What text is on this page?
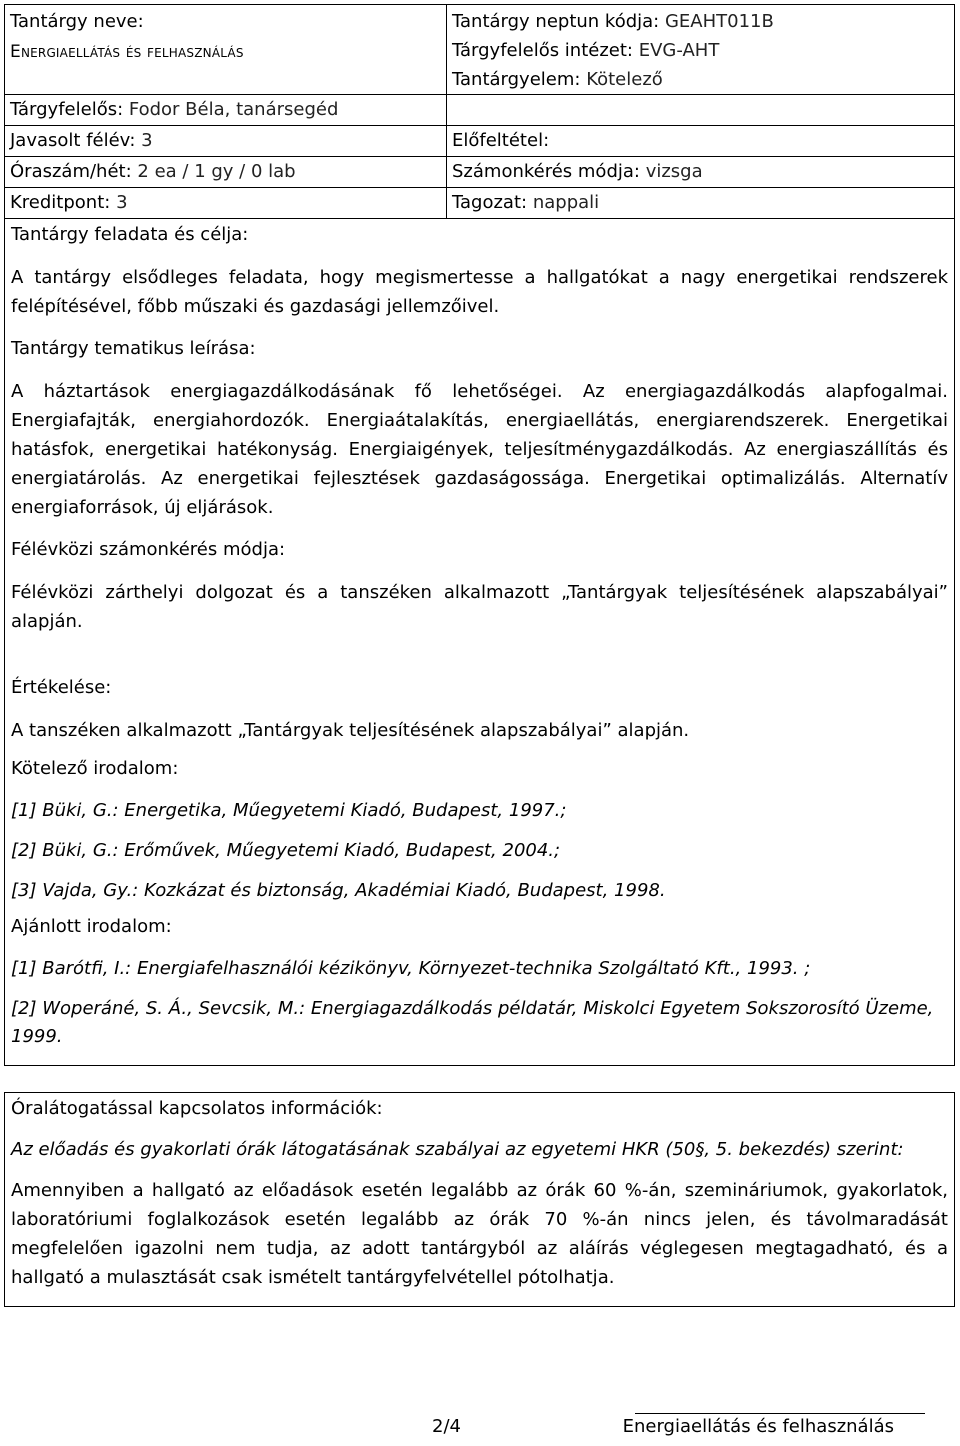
Tantárgy neve:
Energiaellátás és felhasználás
Tantárgy neptun kódja: GEAHT011B
Tárgyfelelős intézet: EVG-AHT
Tantárgyelem: Kötelező
Tárgyfelelős: Fodor Béla, tanársegéd
Javasolt félév: 3	Előfeltétel:
Óraszám/hét: 2 ea / 1 gy / 0 lab	Számonkérés módja: vizsga
Kreditpont: 3	Tagozat: nappali
Tantárgy feladata és célja:

A tantárgy elsődleges feladata, hogy megismertesse a hallgatókat a nagy energetikai rendszerek felépítésével, főbb műszaki és gazdasági jellemzőivel.

Tantárgy tematikus leírása:

A háztartások energiagazdálkodásának fő lehetőségei. Az energiagazdálkodás alapfogalmai. Energiafajták, energiahordozók. Energiaátalakítás, energiaellátás, energiarendszerek. Energetikai hatásfok, energetikai hatékonyság. Energiaigények, teljesítménygazdálkodás. Az energiaszállítás és energiatárolás. Az energetikai fejlesztések gazdaságossága. Energetikai optimalizálás. Alternatív energiaforrások, új eljárások.

Félévközi számonkérés módja:

Félévközi zárthelyi dolgozat és a tanszéken alkalmazott „Tantárgyak teljesítésének alapszabályai” alapján.

Értékelése:

A tanszéken alkalmazott „Tantárgyak teljesítésének alapszabályai” alapján.

Kötelező irodalom:
[1] Büki, G.: Energetika, Műegyetemi Kiadó, Budapest, 1997.;
[2] Büki, G.: Erőművek, Műegyetemi Kiadó, Budapest, 2004.;
[3] Vajda, Gy.: Kozkázat és biztonság, Akadémiai Kiadó, Budapest, 1998.
Ajánlott irodalom:
[1] Barótfi, I.: Energiafelhasználói kézikönyv, Környezet-technika Szolgáltató Kft., 1993. ;
[2] Woperáné, S. Á., Sevcsik, M.: Energiagazdálkodás példatár, Miskolci Egyetem Sokszorosító Üzeme, 1999.
Óralátogatással kapcsolatos információk:

Az előadás és gyakorlati órák látogatásának szabályai az egyetemi HKR (50§, 5. bekezdés) szerint:

Amennyiben a hallgató az előadások esetén legalább az órák 60 %-án, szemináriumok, gyakorlatok, laboratóriumi foglalkozások esetén legalább az órák 70 %-án nincs jelen, és távolmaradását megfelelően igazolni nem tudja, az adott tantárgyból az aláírás véglegesen megtagadható, és a hallgató a mulasztását csak ismételt tantárgyfelvétellel pótolhatja.

2/4	Energiaellátás és felhasználás
